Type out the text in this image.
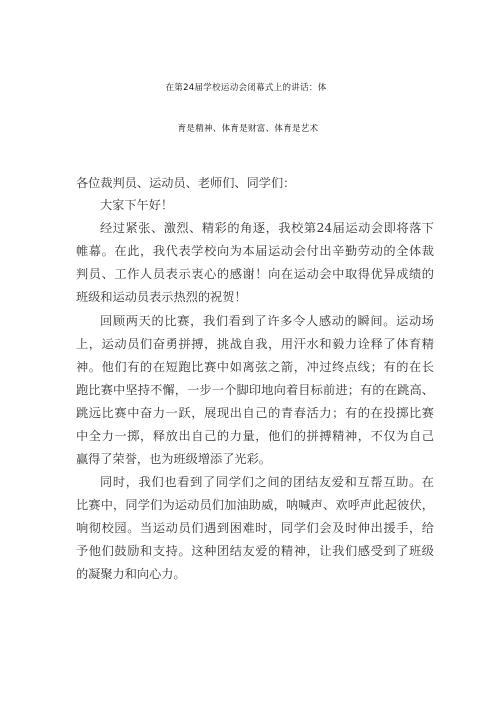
在第24届学校运动会闭幕式上的讲话：体
育是精神、体育是财富、体育是艺术
各位裁判员、运动员、老师们、同学们：
大家下午好！
经过紧张、激烈、精彩的角逐，我校第24届运动会即将落下
帷幕。在此，我代表学校向为本届运动会付出辛勤劳动的全体裁
判员、工作人员表示衷心的感谢！向在运动会中取得优异成绩的
班级和运动员表示热烈的祝贺！
回顾两天的比赛，我们看到了许多令人感动的瞬间。运动场
上，运动员们奋勇拼搏，挑战自我，用汗水和毅力诠释了体育精
神。他们有的在短跑比赛中如离弦之箭，冲过终点线；有的在长
跑比赛中坚持不懈，一步一个脚印地向着目标前进；有的在跳高、
跳远比赛中奋力一跃，展现出自己的青春活力；有的在投掷比赛
中全力一掷，释放出自己的力量，他们的拼搏精神，不仅为自己
赢得了荣誉，也为班级增添了光彩。
同时，我们也看到了同学们之间的团结友爱和互帮互助。在
比赛中，同学们为运动员们加油助威，呐喊声、欢呼声此起彼伏，
响彻校园。当运动员们遇到困难时，同学们会及时伸出援手，给
予他们鼓励和支持。这种团结友爱的精神，让我们感受到了班级
的凝聚力和向心力。
